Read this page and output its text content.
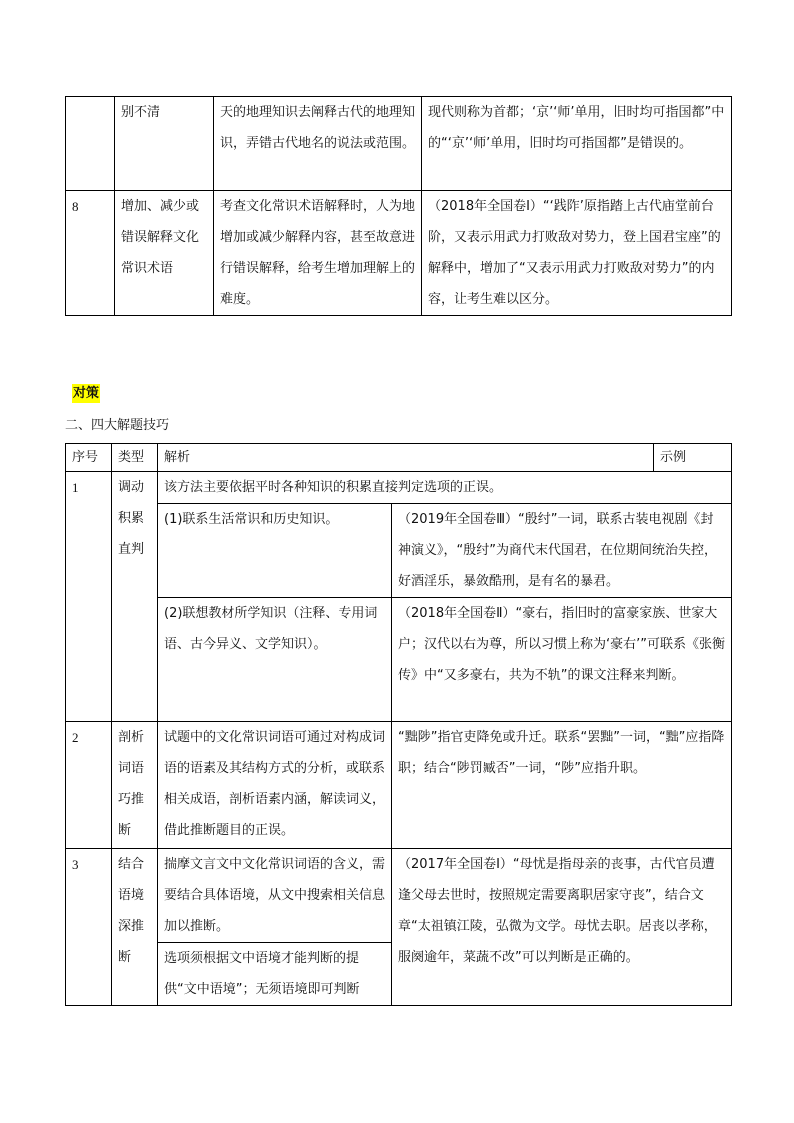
	别不清	天的地理知识去阐释古代的地理知识，弄错古代地名的说法或范围。	现代则称为首都；‘京’‘师’单用，旧时均可指国都”中的“‘京’‘师’单用，旧时均可指国都”是错误的。
8	增加、减少或错误解释文化常识术语	考查文化常识术语解释时，人为地增加或减少解释内容，甚至故意进行错误解释，给考生增加理解上的难度。	（2018年全国卷Ⅰ）“‘践阼’原指踏上古代庙堂前台阶，又表示用武力打败敌对势力，登上国君宝座”的解释中，增加了“又表示用武力打败敌对势力”的内容，让考生难以区分。
对策
二、四大解题技巧
序号	类型	解析		示例
1	调动积累直判	该方法主要依据平时各种知识的积累直接判定选项的正误。		
		(1)联系生活常识和历史知识。	（2019年全国卷Ⅲ）“殷纣”一词，联系古装电视剧《封神演义》，“殷纣”为商代末代国君，在位期间统治失控，好酒淫乐，暴敛酷刑，是有名的暴君。	
		(2)联想教材所学知识（注释、专用词语、古今异义、文学知识）。	（2018年全国卷Ⅱ）“豪右，指旧时的富豪家族、世家大户；汉代以右为尊，所以习惯上称为‘豪右’”可联系《张衡传》中“又多豪右，共为不轨”的课文注释来判断。	
2	剖析词语巧推断	试题中的文化常识词语可通过对构成词语的语素及其结构方式的分析，或联系相关成语，剖析语素内涵，解读词义，借此推断题目的正误。	“黜陟”指官吏降免或升迁。联系“罢黜”一词，“黜”应指降职；结合“陟罚臧否”一词，“陟”应指升职。	
3	结合语境深推断	揣摩文言文中文化常识词语的含义，需要结合具体语境，从文中搜索相关信息加以推断。	（2017年全国卷Ⅰ）“母忧是指母亲的丧事，古代官员遭逢父母去世时，按照规定需要离职居家守丧”，结合文章“太祖镇江陵，弘微为文学。母忧去职。居丧以孝称，服阕逾年，菜蔬不改”可以判断是正确的。	
		选项须根据文中语境才能判断的提供“文中语境”；无须语境即可判断		
